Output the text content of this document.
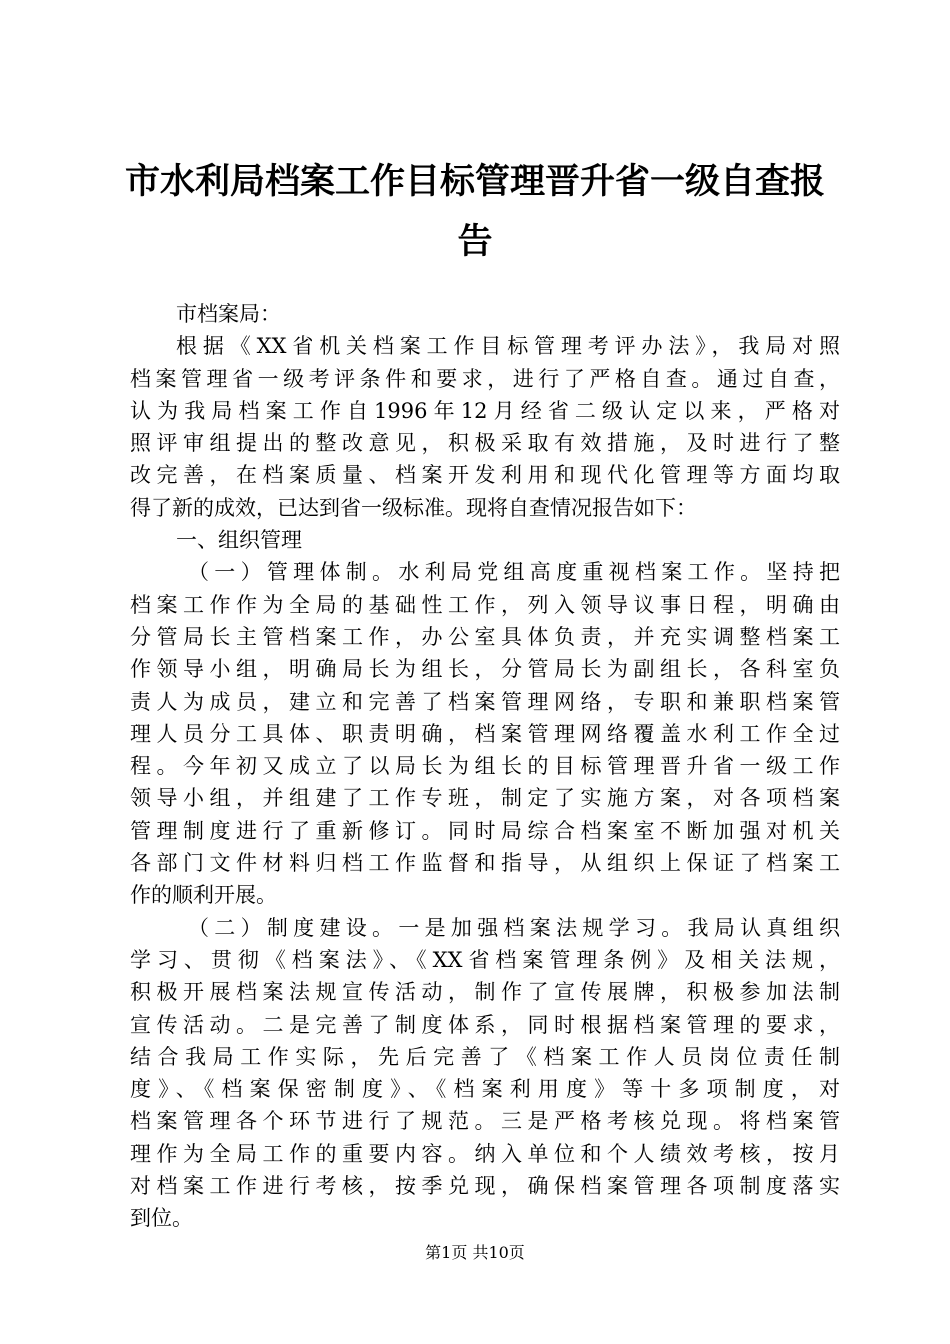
市水利局档案工作目标管理晋升省一级自查报
告
市档案局：
根据《XX省机关档案工作目标管理考评办法》，我局对照
档案管理省一级考评条件和要求，进行了严格自查。通过自查，
认为我局档案工作自1996年12月经省二级认定以来，严格对
照评审组提出的整改意见，积极采取有效措施，及时进行了整
改完善，在档案质量、档案开发利用和现代化管理等方面均取
得了新的成效，已达到省一级标准。现将自查情况报告如下：
一、组织管理
（一）管理体制。水利局党组高度重视档案工作。坚持把
档案工作作为全局的基础性工作，列入领导议事日程，明确由
分管局长主管档案工作，办公室具体负责，并充实调整档案工
作领导小组，明确局长为组长，分管局长为副组长，各科室负
责人为成员，建立和完善了档案管理网络，专职和兼职档案管
理人员分工具体、职责明确，档案管理网络覆盖水利工作全过
程。今年初又成立了以局长为组长的目标管理晋升省一级工作
领导小组，并组建了工作专班，制定了实施方案，对各项档案
管理制度进行了重新修订。同时局综合档案室不断加强对机关
各部门文件材料归档工作监督和指导，从组织上保证了档案工
作的顺利开展。
（二）制度建设。一是加强档案法规学习。我局认真组织
学习、贯彻《档案法》、《XX省档案管理条例》及相关法规，
积极开展档案法规宣传活动，制作了宣传展牌，积极参加法制
宣传活动。二是完善了制度体系，同时根据档案管理的要求，
结合我局工作实际，先后完善了《档案工作人员岗位责任制
度》、《档案保密制度》、《档案利用度》等十多项制度，对
档案管理各个环节进行了规范。三是严格考核兑现。将档案管
理作为全局工作的重要内容。纳入单位和个人绩效考核，按月
对档案工作进行考核，按季兑现，确保档案管理各项制度落实
到位。
第1页 共10页
